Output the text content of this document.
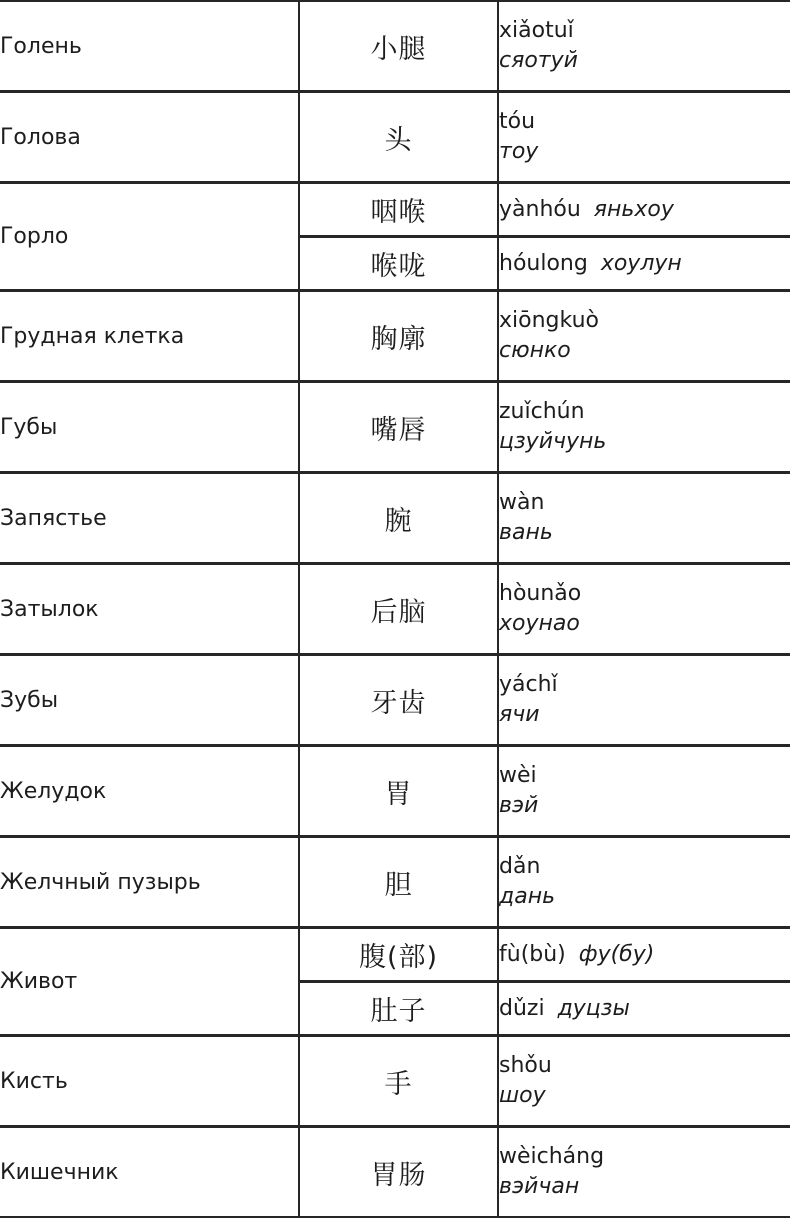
Голень	小腿	xiǎotuǐ
сяотуй

Голова	头	tóu
тоу

Горло	咽喉	yànhóu яньхоу
	喉咙	hóulong хоулун
Грудная клетка	胸廓	xiōngkuò
сюнко

Губы	嘴唇	zuǐchún
цзуйчунь

Запястье	腕	wàn
вань

Затылок	后脑	hòunǎo
хоунао

Зубы	牙齿	yáchǐ
ячи

Желудок	胃	wèi
вэй

Желчный пузырь	胆	dǎn
дань

Живот	腹(部)	fù(bù) фу(бу)
	肚子	dǔzi дуцзы
Кисть	手	shǒu
шоу

Кишечник	胃肠	wèicháng
вэйчан
